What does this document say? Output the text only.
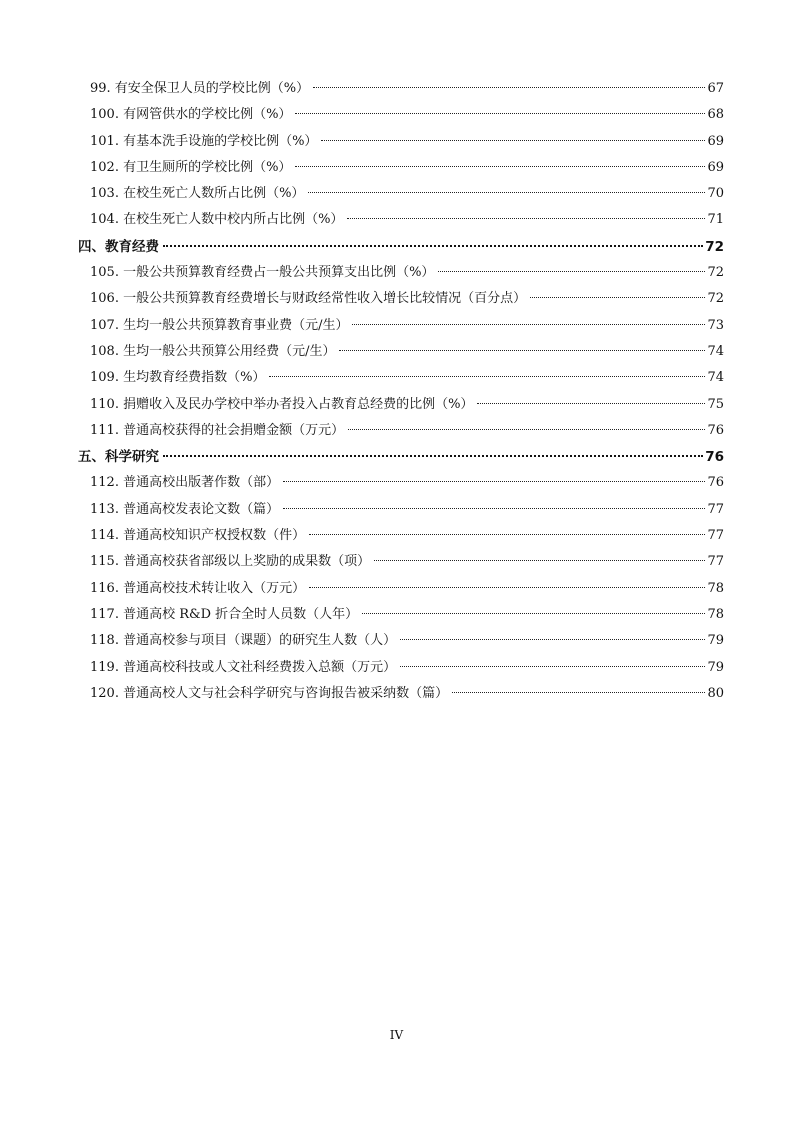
99. 有安全保卫人员的学校比例（%）	67
100. 有网管供水的学校比例（%）	68
101. 有基本洗手设施的学校比例（%）	69
102. 有卫生厕所的学校比例（%）	69
103. 在校生死亡人数所占比例（%）	70
104. 在校生死亡人数中校内所占比例（%）	71
四、教育经费	72
105. 一般公共预算教育经费占一般公共预算支出比例（%）	72
106. 一般公共预算教育经费增长与财政经常性收入增长比较情况（百分点）	72
107. 生均一般公共预算教育事业费（元/生）	73
108. 生均一般公共预算公用经费（元/生）	74
109. 生均教育经费指数（%）	74
110. 捐赠收入及民办学校中举办者投入占教育总经费的比例（%）	75
111. 普通高校获得的社会捐赠金额（万元）	76
五、科学研究	76
112. 普通高校出版著作数（部）	76
113. 普通高校发表论文数（篇）	77
114. 普通高校知识产权授权数（件）	77
115. 普通高校获省部级以上奖励的成果数（项）	77
116. 普通高校技术转让收入（万元）	78
117. 普通高校 R&D 折合全时人员数（人年）	78
118. 普通高校参与项目（课题）的研究生人数（人）	79
119. 普通高校科技或人文社科经费拨入总额（万元）	79
120. 普通高校人文与社会科学研究与咨询报告被采纳数（篇）	80
IV
